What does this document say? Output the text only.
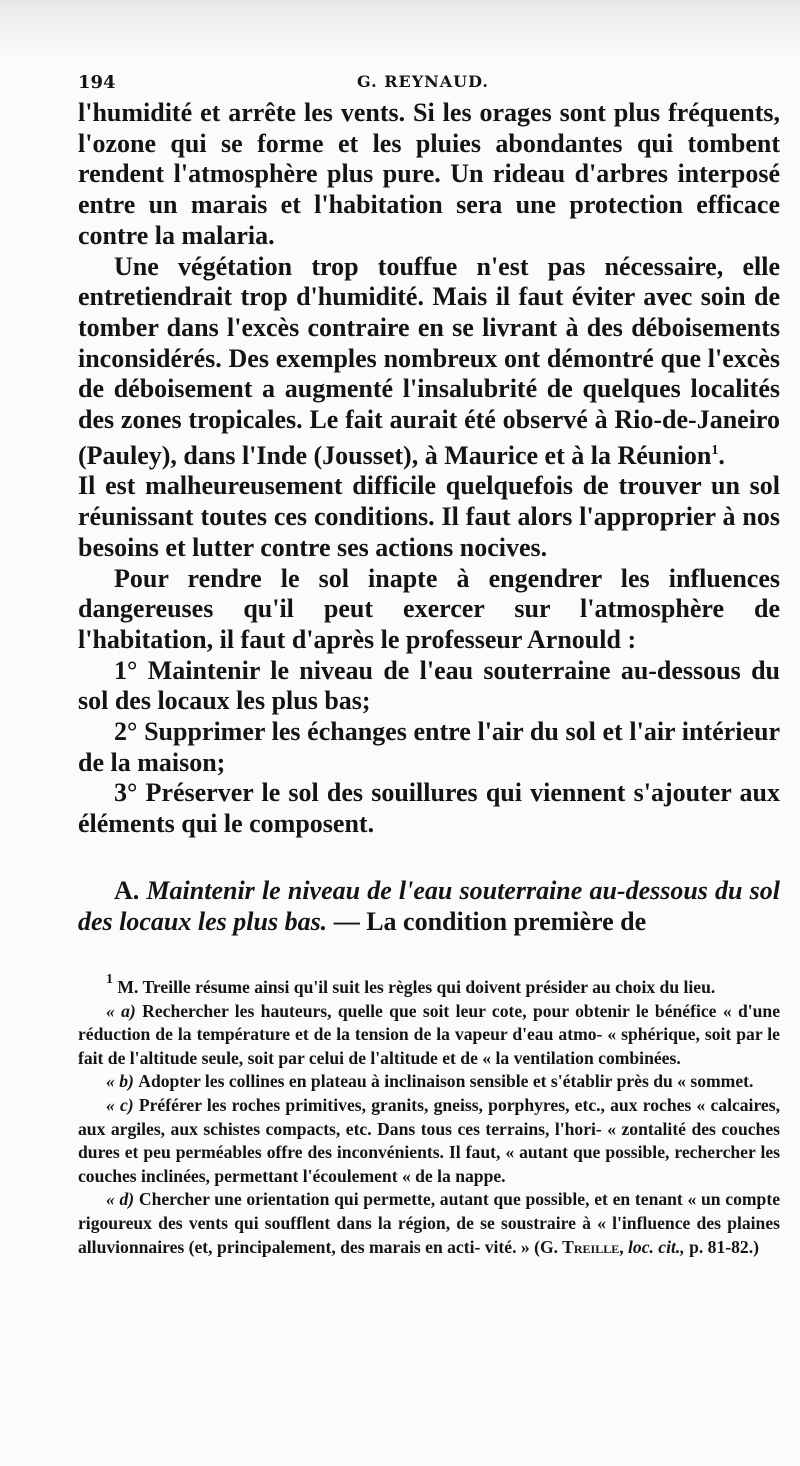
194	G. REYNAUD.

l'humidité et arrête les vents. Si les orages sont plus fréquents, l'ozone qui se forme et les pluies abondantes qui tombent rendent l'atmosphère plus pure. Un rideau d'arbres interposé entre un marais et l'habitation sera une protection efficace contre la malaria.

Une végétation trop touffue n'est pas nécessaire, elle entretiendrait trop d'humidité. Mais il faut éviter avec soin de tomber dans l'excès contraire en se livrant à des déboisements inconsidérés. Des exemples nombreux ont démontré que l'excès de déboisement a augmenté l'insalubrité de quelques localités des zones tropicales. Le fait aurait été observé à Rio-de-Janeiro (Pauley), dans l'Inde (Jousset), à Maurice et à la Réunion$^1$.

Il est malheureusement difficile quelquefois de trouver un sol réunissant toutes ces conditions. Il faut alors l'approprier à nos besoins et lutter contre ses actions nocives.

Pour rendre le sol inapte à engendrer les influences dangereuses qu'il peut exercer sur l'atmosphère de l'habitation, il faut d'après le professeur Arnould :

1° Maintenir le niveau de l'eau souterraine au-dessous du sol des locaux les plus bas;

2° Supprimer les échanges entre l'air du sol et l'air intérieur de la maison;

3° Préserver le sol des souillures qui viennent s'ajouter aux éléments qui le composent.

A. Maintenir le niveau de l'eau souterraine au-dessous du sol des locaux les plus bas. — La condition première de

$^1$ M. Treille résume ainsi qu'il suit les règles qui doivent présider au choix du lieu.

« a) Rechercher les hauteurs, quelle que soit leur cote, pour obtenir le bénéfice « d'une réduction de la température et de la tension de la vapeur d'eau atmo- « sphérique, soit par le fait de l'altitude seule, soit par celui de l'altitude et de « la ventilation combinées.

« b) Adopter les collines en plateau à inclinaison sensible et s'établir près du « sommet.

« c) Préférer les roches primitives, granits, gneiss, porphyres, etc., aux roches « calcaires, aux argiles, aux schistes compacts, etc. Dans tous ces terrains, l'hori- « zontalité des couches dures et peu perméables offre des inconvénients. Il faut, « autant que possible, rechercher les couches inclinées, permettant l'écoulement « de la nappe.

« d) Chercher une orientation qui permette, autant que possible, et en tenant « un compte rigoureux des vents qui soufflent dans la région, de se soustraire à « l'influence des plaines alluvionnaires (et, principalement, des marais en acti- vité. » (G. Treille, loc. cit., p. 81-82.)
